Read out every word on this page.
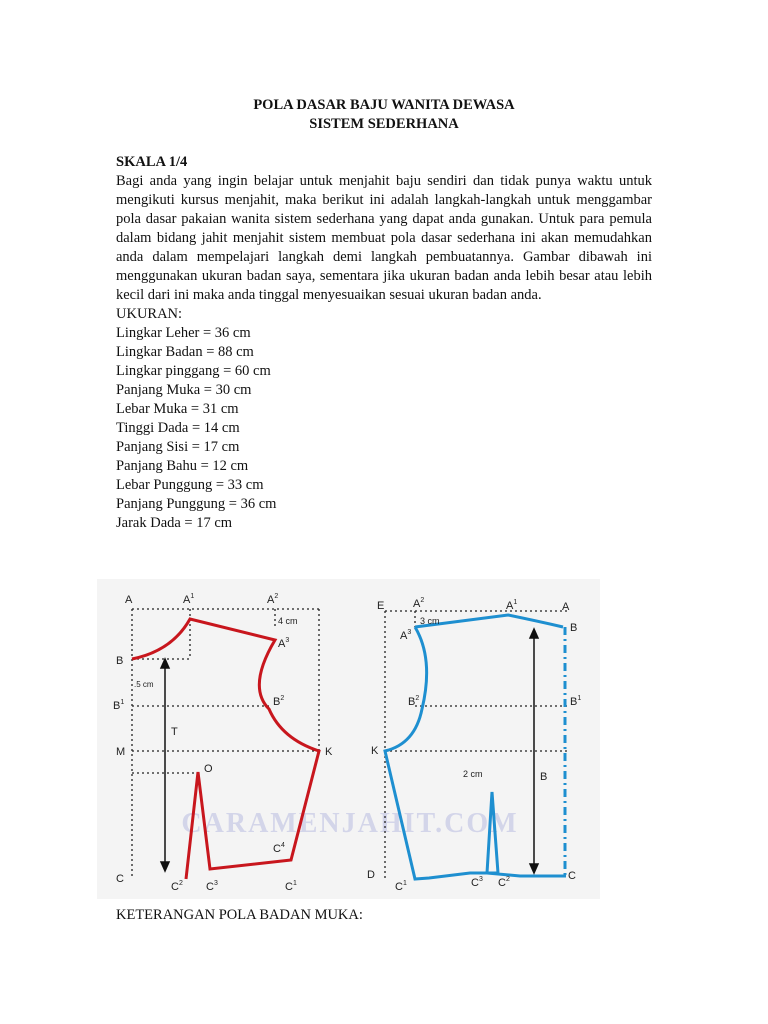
POLA DASAR BAJU WANITA DEWASA
SISTEM SEDERHANA

SKALA 1/4

Bagi anda yang ingin belajar untuk menjahit baju sendiri dan tidak punya waktu untuk mengikuti kursus menjahit, maka berikut ini adalah langkah-langkah untuk menggambar pola dasar pakaian wanita sistem sederhana yang dapat anda gunakan. Untuk para pemula dalam bidang jahit menjahit sistem membuat pola dasar sederhana ini akan memudahkan anda dalam mempelajari langkah demi langkah pembuatannya. Gambar dibawah ini menggunakan ukuran badan saya, sementara jika ukuran badan anda lebih besar atau lebih kecil dari ini maka anda tinggal menyesuaikan sesuai ukuran badan anda.

UKURAN:

Lingkar Leher = 36 cm

Lingkar Badan = 88 cm

Lingkar pinggang = 60 cm

Panjang Muka = 30 cm

Lebar Muka = 31 cm

Tinggi Dada = 14 cm

Panjang Sisi = 17 cm

Panjang Bahu = 12 cm

Lebar Punggung = 33 cm

Panjang Punggung = 36 cm

Jarak Dada = 17 cm

CARAMENJAHIT.COM
A	$A^1$	$A^2$
$A^3$
4 cm
B
.5 cm
$B^1$	$B^2$
T
M	K
O
$C^4$
C
$C^2$ $C^3$	$C^1$
E	$A^2$	$A^1$	A
3 cm
$A^3$	B
$B^2$	$B^1$
K
2 cm	B
D
$C^1$	$C^3$ $C^2$	C
KETERANGAN POLA BADAN MUKA:
